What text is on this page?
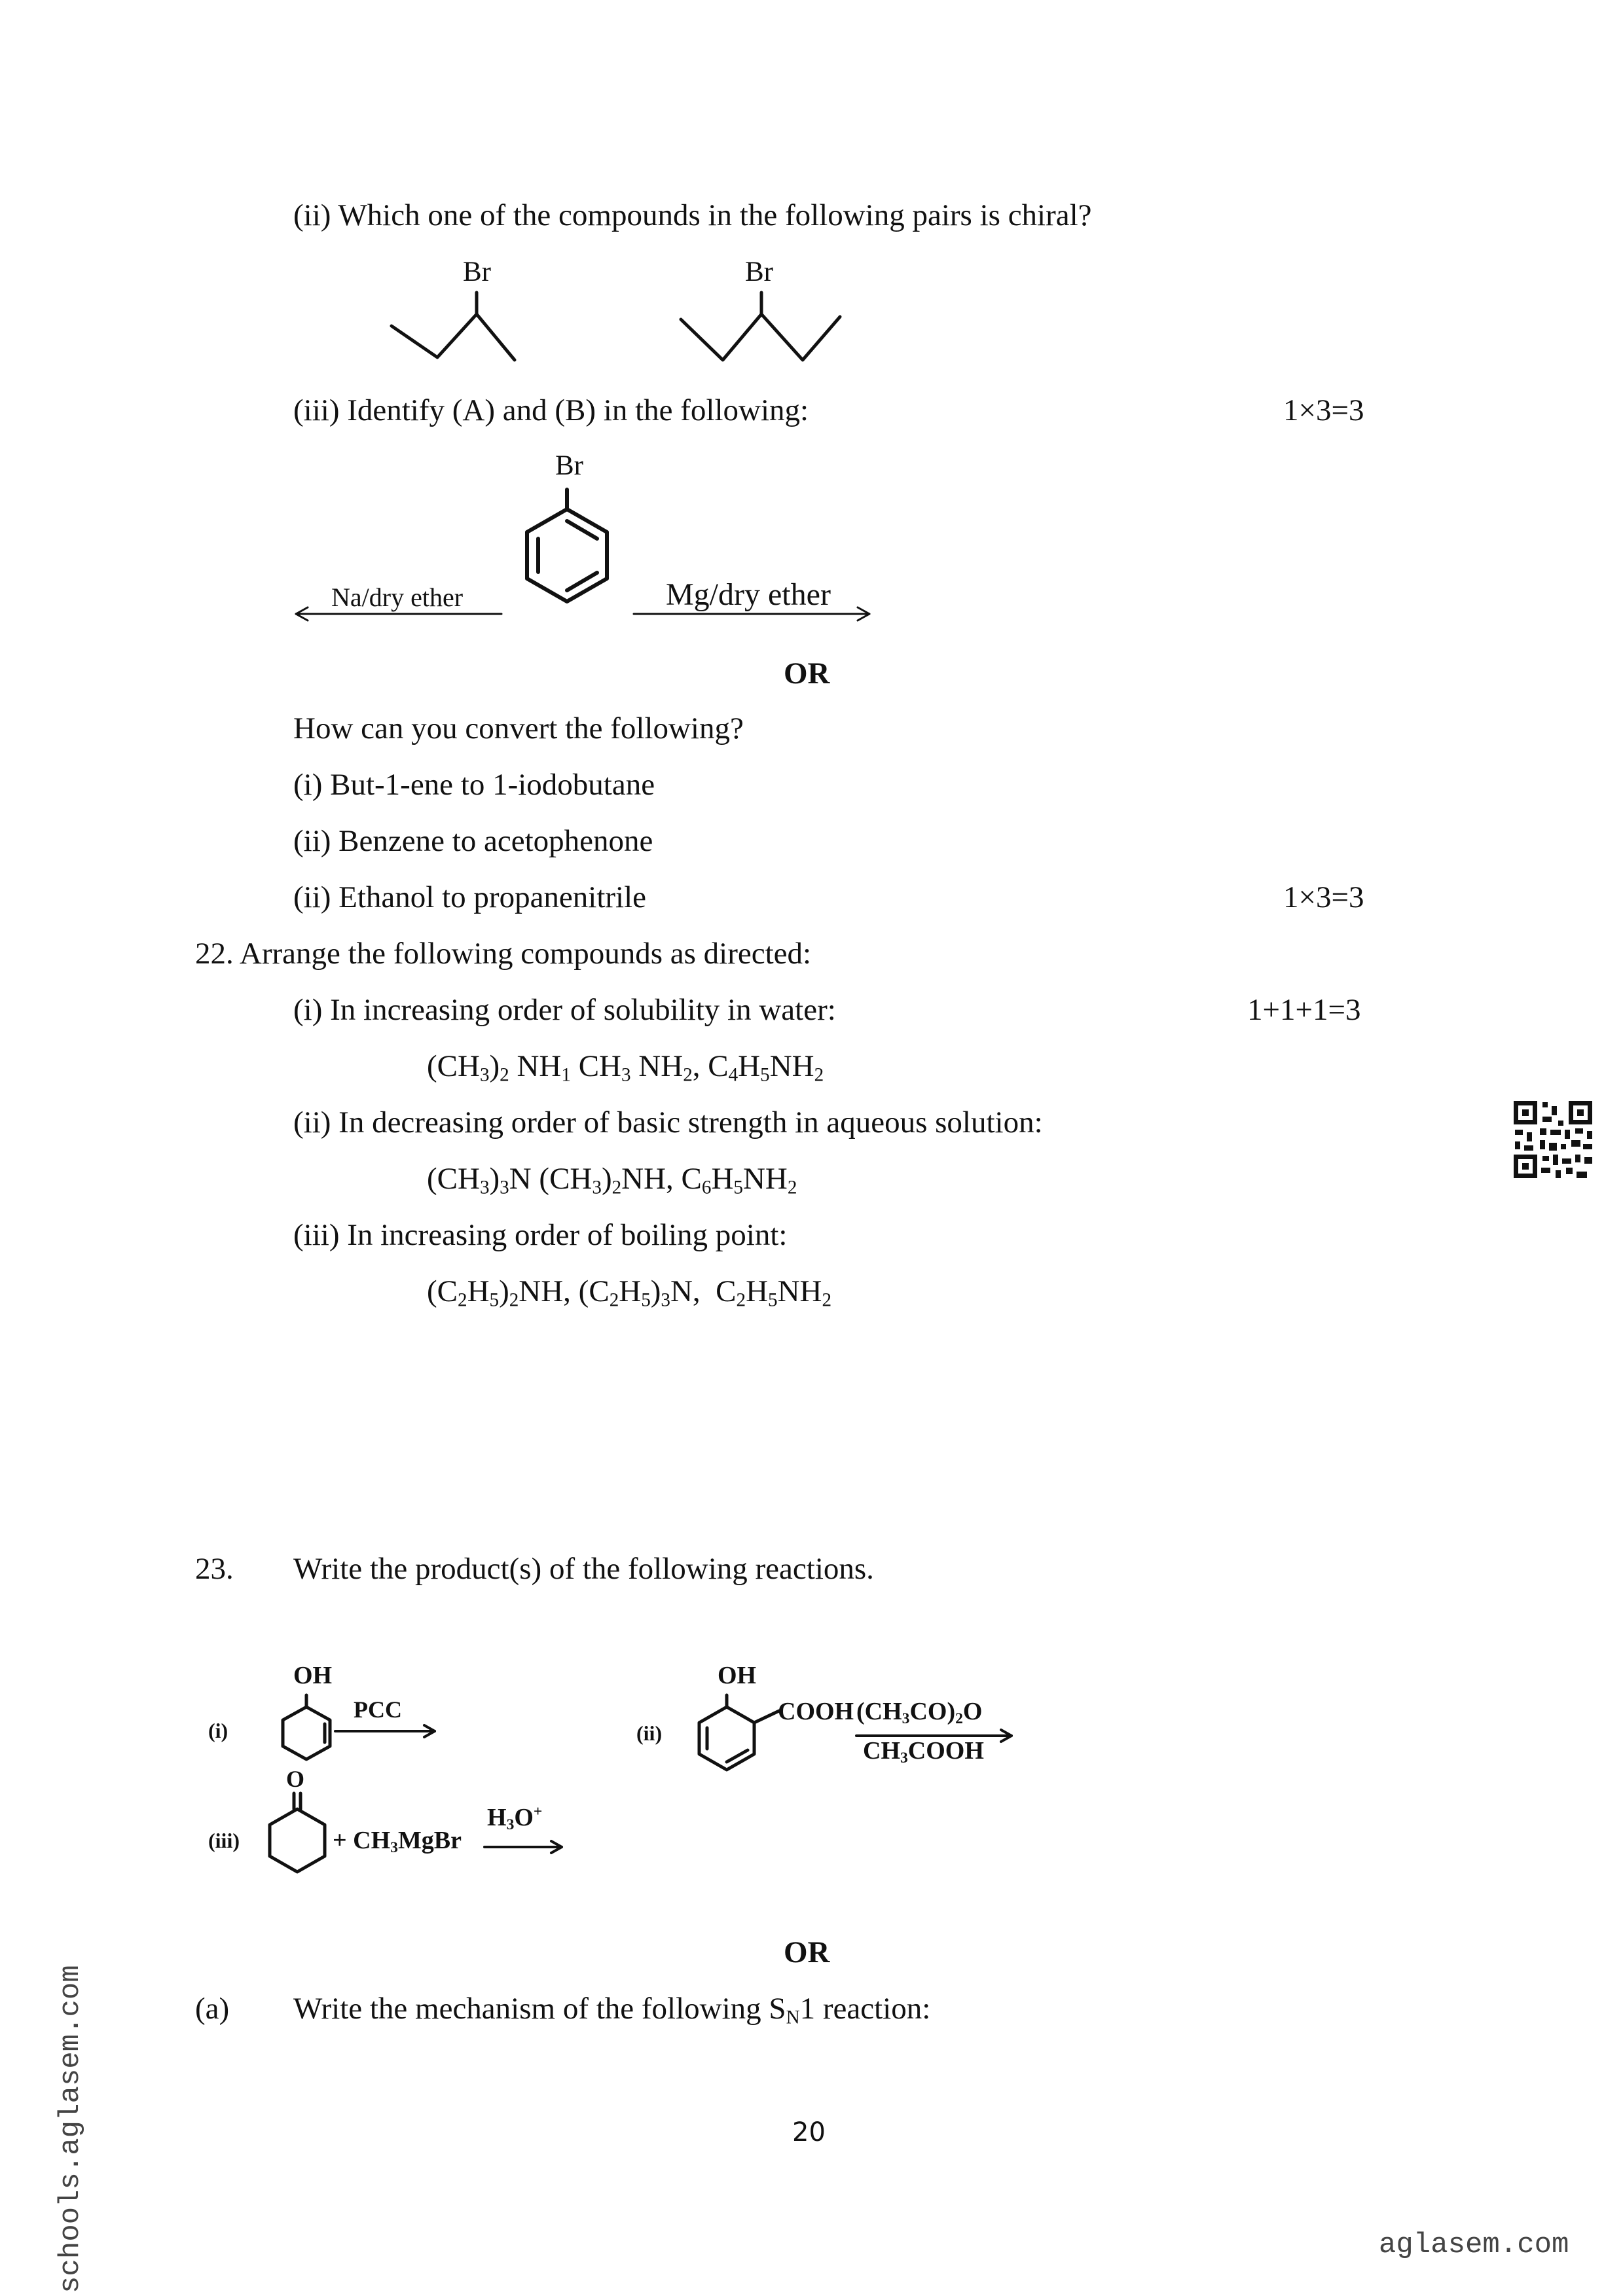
(ii) Which one of the compounds in the following pairs is chiral?
Br	Br
(iii) Identify (A) and (B) in the following:	1×3=3
Br
Na/dry ether	Mg/dry ether
OR
How can you convert the following?
(i) But-1-ene to 1-iodobutane
(ii) Benzene to acetophenone
(ii) Ethanol to propanenitrile	1×3=3
22. Arrange the following compounds as directed:
(i) In increasing order of solubility in water:	1+1+1=3
$(CH_3)_2$ $NH_1$ $CH_3$ $NH_2$, $C_4H_5NH_2$
(ii) In decreasing order of basic strength in aqueous solution:
$(CH_3)_3N$ $(CH_3)_2NH$, $C_6H_5NH_2$
(iii) In increasing order of boiling point:
$(C_2H_5)_2NH$, $(C_2H_5)_3N$,  $C_2H_5NH_2$
23. Write the product(s) of the following reactions.
(i)
OH
PCC
(ii)
OH
COOH $(CH_3CO)_2O$
$CH_3COOH$
O
(iii)	+ $CH_3MgBr$
$H_3O^+$
OR
(a) Write the mechanism of the following $S_N1$ reaction:
20
aglasem.com
schools.aglasem.com
